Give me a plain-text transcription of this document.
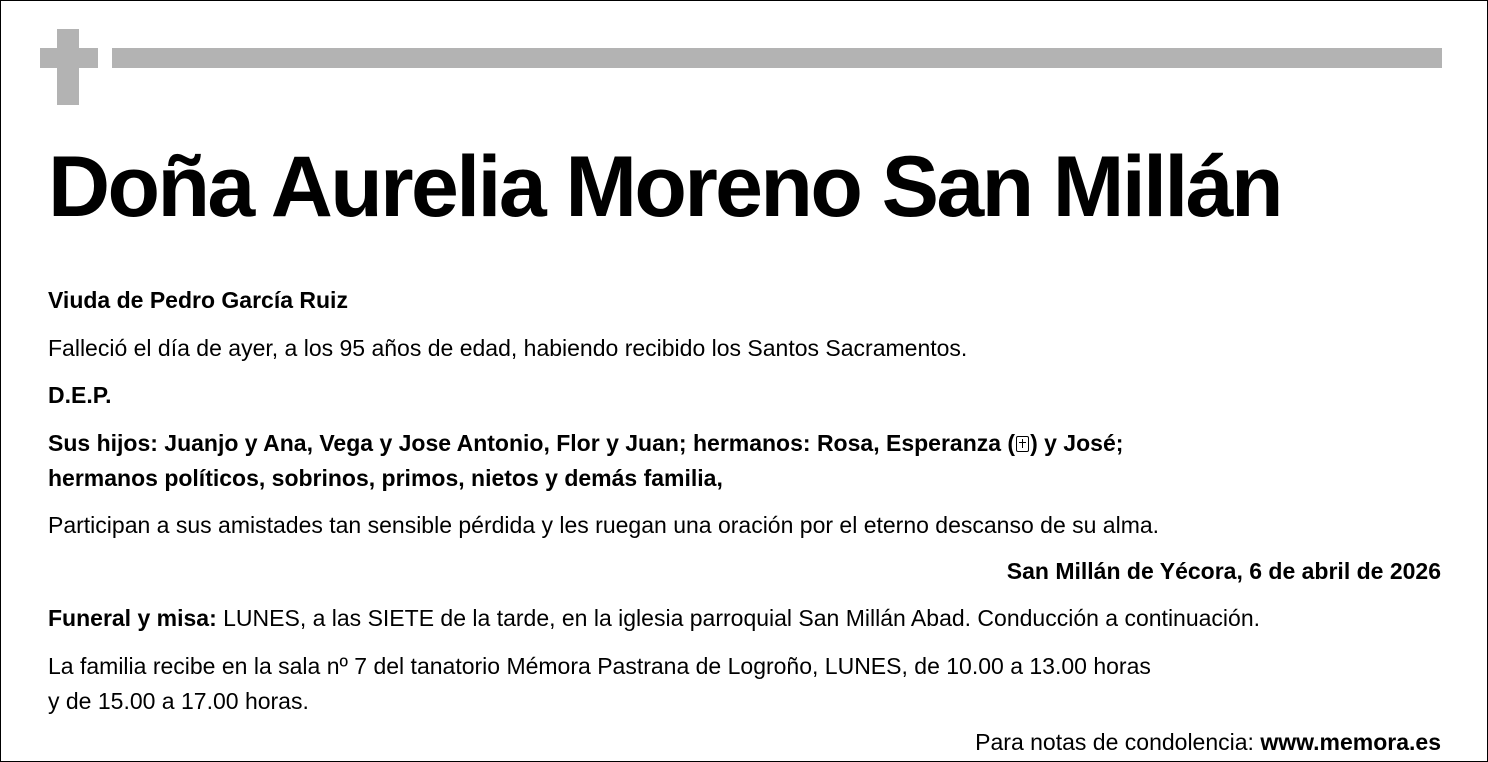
Doña Aurelia Moreno San Millán
Viuda de Pedro García Ruiz
Falleció el día de ayer, a los 95 años de edad, habiendo recibido los Santos Sacramentos.
D.E.P.
Sus hijos: Juanjo y Ana, Vega y Jose Antonio, Flor y Juan; hermanos: Rosa, Esperanza ( ) y José;
hermanos políticos, sobrinos, primos, nietos y demás familia,
Participan a sus amistades tan sensible pérdida y les ruegan una oración por el eterno descanso de su alma.
San Millán de Yécora, 6 de abril de 2026
Funeral y misa: LUNES, a las SIETE de la tarde, en la iglesia parroquial San Millán Abad. Conducción a continuación.
La familia recibe en la sala nº 7 del tanatorio Mémora Pastrana de Logroño, LUNES, de 10.00 a 13.00 horas
y de 15.00 a 17.00 horas.
Para notas de condolencia: www.memora.es
